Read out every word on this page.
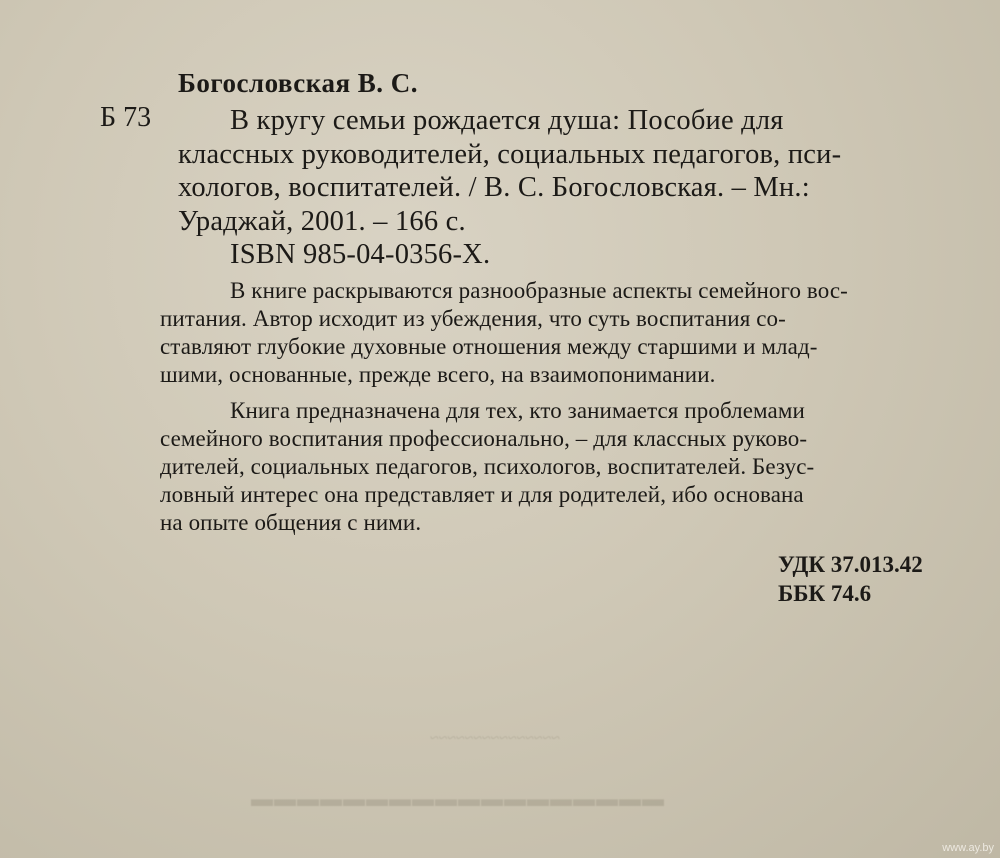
Богословская В. С.
Б 73	В кругу семьи рождается душа: Пособие для
классных руководителей, социальных педагогов, пси-
хологов, воспитателей. / В. С. Богословская. – Мн.:
Ураджай, 2001. – 166 с.
ISBN 985-04-0356-Х.
В книге раскрываются разнообразные аспекты семейного вос-
питания. Автор исходит из убеждения, что суть воспитания со-
ставляют глубокие духовные отношения между старшими и млад-
шими, основанные, прежде всего, на взаимопонимании.
Книга предназначена для тех, кто занимается проблемами
семейного воспитания профессионально, – для классных руково-
дителей, социальных педагогов, психологов, воспитателей. Безус-
ловный интерес она представляет и для родителей, ибо основана
на опыте общения с ними.
УДК 37.013.42
ББК 74.6
~~~~~~~~~~~~~~~
▬▬▬▬▬▬▬▬▬▬▬▬▬▬▬▬▬▬
www.ay.by
